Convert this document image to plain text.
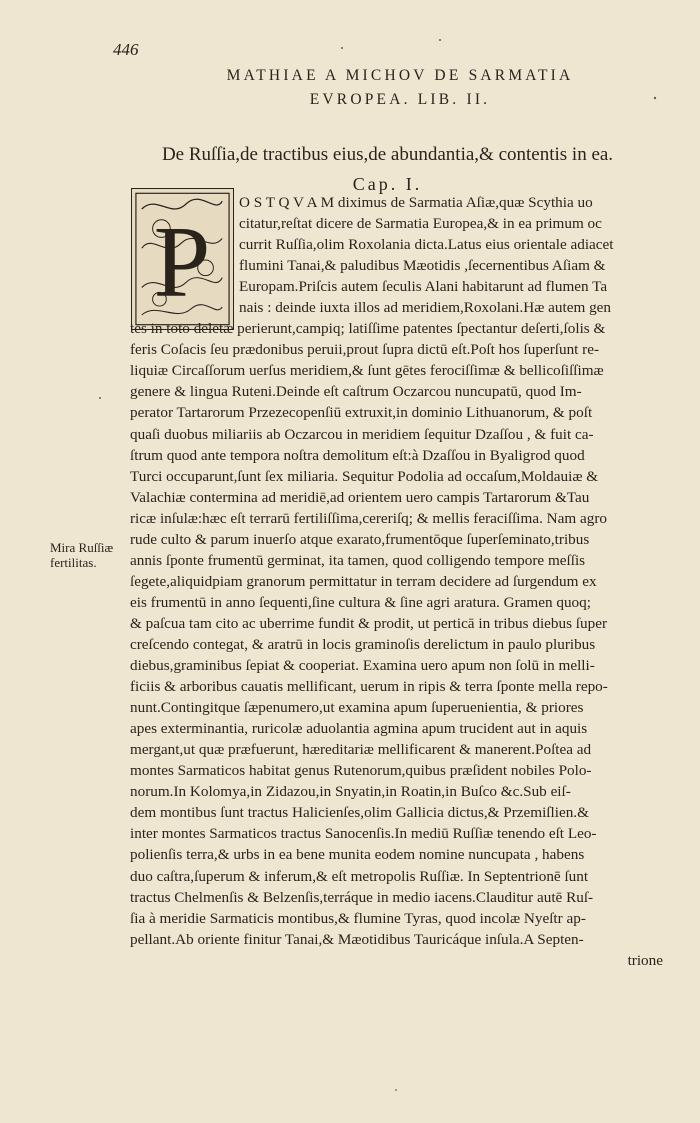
446
MATHIAE A MICHOV DE SARMATIA
EVROPEA. LIB. II.
De Ruſſia,de tractibus eius,de abundantia,& contentis in ea.
Cap. I.
P
Mira Ruſſiæ
fertilitas.
O S T Q V A M diximus de Sarmatia Aſiæ,quæ Scythia uo
citatur,reſtat dicere de Sarmatia Europea,& in ea primum oc
currit Ruſſia,olim Roxolania dicta.Latus eius orientale adiacet
flumini Tanai,& paludibus Mæotidis ,ſecernentibus Aſiam &
Europam.Priſcis autem ſeculis Alani habitarunt ad flumen Ta
nais : deinde iuxta illos ad meridiem,Roxolani.Hæ autem gen
tes in toto deletæ perierunt,campiq; latiſſime patentes ſpectantur deſerti,ſolis &
feris Coſacis ſeu prædonibus peruii,prout ſupra dictū eſt.Poſt hos ſuperſunt re-
liquiæ Circaſſorum uerſus meridiem,& ſunt gētes ferociſſimæ & bellicoſiſſimæ
genere & lingua Ruteni.Deinde eſt caſtrum Oczarcou nuncupatū, quod Im-
perator Tartarorum Przezecopenſiū extruxit,in dominio Lithuanorum, & poſt
quaſi duobus miliariis ab Oczarcou in meridiem ſequitur Dzaſſou , & fuit ca-
ſtrum quod ante tempora noſtra demolitum eſt:à Dzaſſou in Byaligrod quod
Turci occuparunt,ſunt ſex miliaria. Sequitur Podolia ad occaſum,Moldauiæ &
Valachiæ contermina ad meridiē,ad orientem uero campis Tartarorum &Tau
ricæ inſulæ:hæc eſt terrarū fertiliſſima,cereriſq; & mellis feraciſſima. Nam agro
rude culto & parum inuerſo atque exarato,frumentōque ſuperſeminato,tribus
annis ſponte frumentū germinat, ita tamen, quod colligendo tempore meſſis
ſegete,aliquidpiam granorum permittatur in terram decidere ad ſurgendum ex
eis frumentū in anno ſequenti,ſine cultura & ſine agri aratura. Gramen quoq;
& paſcua tam cito ac uberrime fundit & prodit, ut perticā in tribus diebus ſuper
creſcendo contegat, & aratrū in locis graminoſis derelictum in paulo pluribus
diebus,graminibus ſepiat & cooperiat. Examina uero apum non ſolū in melli-
ficiis & arboribus cauatis mellificant, uerum in ripis & terra ſponte mella repo-
nunt.Contingitque ſæpenumero,ut examina apum ſuperuenientia, & priores
apes exterminantia, ruricolæ aduolantia agmina apum trucident aut in aquis
mergant,ut quæ præfuerunt, hæreditariæ mellificarent & manerent.Poſtea ad
montes Sarmaticos habitat genus Rutenorum,quibus præſident nobiles Polo-
norum.In Kolomya,in Zidazou,in Snyatin,in Roatin,in Buſco &c.Sub eiſ-
dem montibus ſunt tractus Halicienſes,olim Gallicia dictus,& Przemiſlien.&
inter montes Sarmaticos tractus Sanocenſis.In mediū Ruſſiæ tenendo eſt Leo-
polienſis terra,& urbs in ea bene munita eodem nomine nuncupata , habens
duo caſtra,ſuperum & inferum,& eſt metropolis Ruſſiæ. In Septentrionē ſunt
tractus Chelmenſis & Belzenſis,terráque in medio iacens.Clauditur autē Ruſ-
ſia à meridie Sarmaticis montibus,& flumine Tyras, quod incolæ Nyeſtr ap-
pellant.Ab oriente finitur Tanai,& Mæotidibus Tauricáque inſula.A Septen-
trione
